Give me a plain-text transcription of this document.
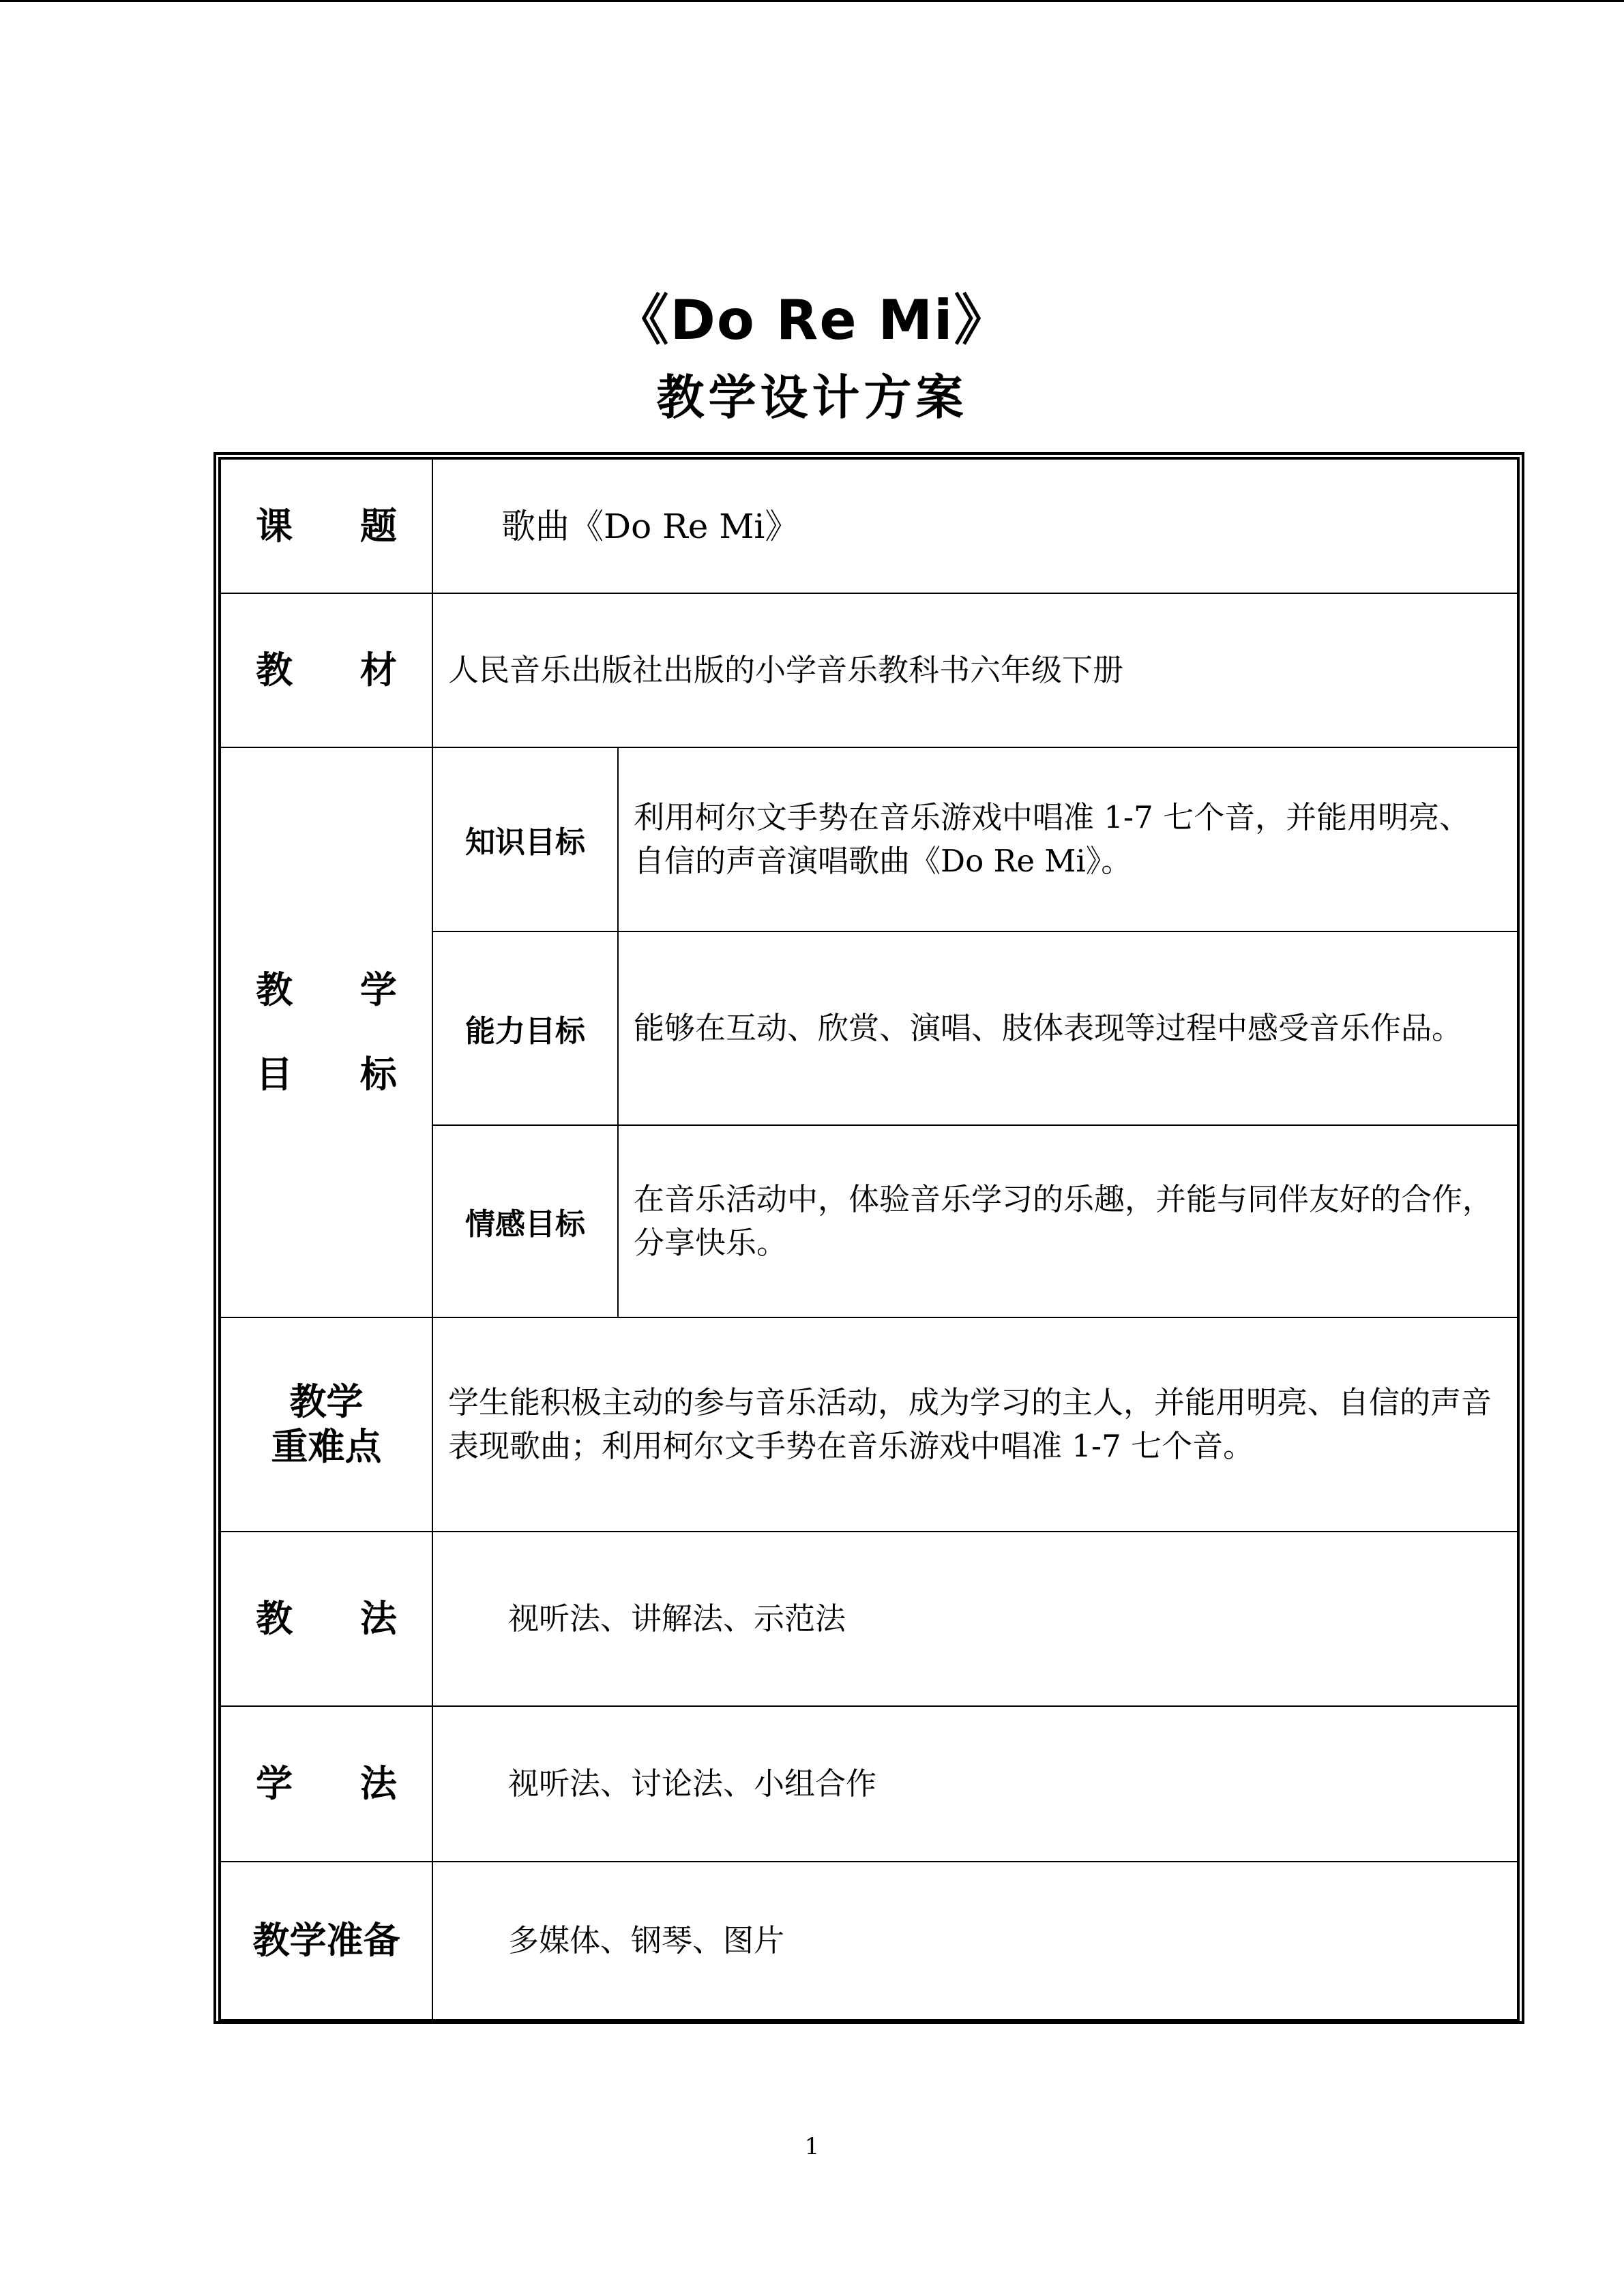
《Do Re Mi》
教学设计方案
课 题	歌曲《Do Re Mi》	
教 材	人民音乐出版社出版的小学音乐教科书六年级下册	

教 学
目 标	知识目标	利用柯尔文手势在音乐游戏中唱准 1-7 七个音，并能用明亮、自信的声音演唱歌曲《Do Re Mi》。
	能力目标	能够在互动、欣赏、演唱、肢体表现等过程中感受音乐作品。
	情感目标	在音乐活动中，体验音乐学习的乐趣，并能与同伴友好的合作，分享快乐。

教学
重难点	学生能积极主动的参与音乐活动，成为学习的主人，并能用明亮、自信的声音表现歌曲；利用柯尔文手势在音乐游戏中唱准 1-7 七个音。	
教 法	视听法、讲解法、示范法	
学 法	视听法、讨论法、小组合作	
教学准备	多媒体、钢琴、图片	
1
